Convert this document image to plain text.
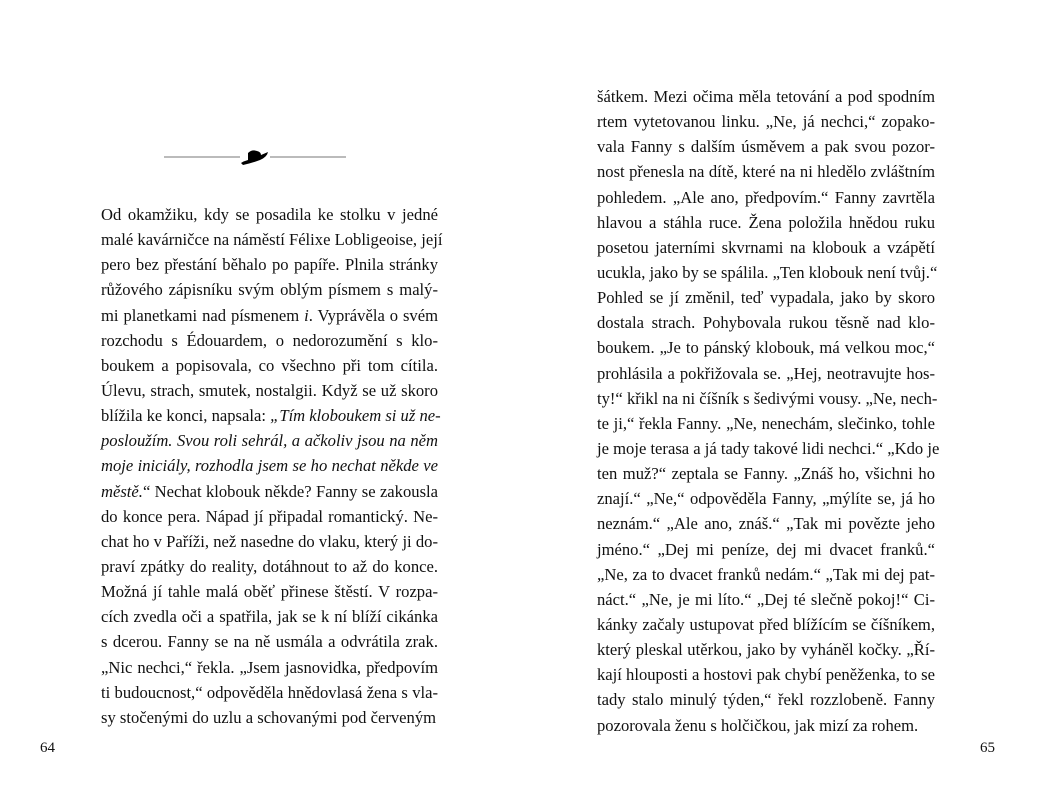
Od okamžiku, kdy se posadila ke stolku v jedné
malé kavárničce na náměstí Félixe Lobligeoise, její
pero bez přestání běhalo po papíře. Plnila stránky
růžového zápisníku svým oblým písmem s malý-
mi planetkami nad písmenem i. Vyprávěla o svém
rozchodu s Édouardem, o nedorozumění s klo-
boukem a popisovala, co všechno při tom cítila.
Úlevu, strach, smutek, nostalgii. Když se už skoro
blížila ke konci, napsala: „Tím kloboukem si už ne-
posloužím. Svou roli sehrál, a ačkoliv jsou na něm
moje iniciály, rozhodla jsem se ho nechat někde ve
městě.“ Nechat klobouk někde? Fanny se zakousla
do konce pera. Nápad jí připadal romantický. Ne-
chat ho v Paříži, než nasedne do vlaku, který ji do-
praví zpátky do reality, dotáhnout to až do konce.
Možná jí tahle malá oběť přinese štěstí. V rozpa-
cích zvedla oči a spatřila, jak se k ní blíží cikánka
s dcerou. Fanny se na ně usmála a odvrátila zrak.
„Nic nechci,“ řekla. „Jsem jasnovidka, předpovím
ti budoucnost,“ odpověděla hnědovlasá žena s vla-
sy stočenými do uzlu a schovanými pod červeným
64
šátkem. Mezi očima měla tetování a pod spodním
rtem vytetovanou linku. „Ne, já nechci,“ zopako-
vala Fanny s dalším úsměvem a pak svou pozor-
nost přenesla na dítě, které na ni hledělo zvláštním
pohledem. „Ale ano, předpovím.“ Fanny zavrtěla
hlavou a stáhla ruce. Žena položila hnědou ruku
posetou jaterními skvrnami na klobouk a vzápětí
ucukla, jako by se spálila. „Ten klobouk není tvůj.“
Pohled se jí změnil, teď vypadala, jako by skoro
dostala strach. Pohybovala rukou těsně nad klo-
boukem. „Je to pánský klobouk, má velkou moc,“
prohlásila a pokřižovala se. „Hej, neotravujte hos-
ty!“ křikl na ni číšník s šedivými vousy. „Ne, nech-
te ji,“ řekla Fanny. „Ne, nenechám, slečinko, tohle
je moje terasa a já tady takové lidi nechci.“ „Kdo je
ten muž?“ zeptala se Fanny. „Znáš ho, všichni ho
znají.“ „Ne,“ odpověděla Fanny, „mýlíte se, já ho
neznám.“ „Ale ano, znáš.“ „Tak mi povězte jeho
jméno.“ „Dej mi peníze, dej mi dvacet franků.“
„Ne, za to dvacet franků nedám.“ „Tak mi dej pat-
náct.“ „Ne, je mi líto.“ „Dej té slečně pokoj!“ Ci-
kánky začaly ustupovat před blížícím se číšníkem,
který pleskal utěrkou, jako by vyháněl kočky. „Ří-
kají hlouposti a hostovi pak chybí peněženka, to se
tady stalo minulý týden,“ řekl rozzlobeně. Fanny
pozorovala ženu s holčičkou, jak mizí za rohem.
65
